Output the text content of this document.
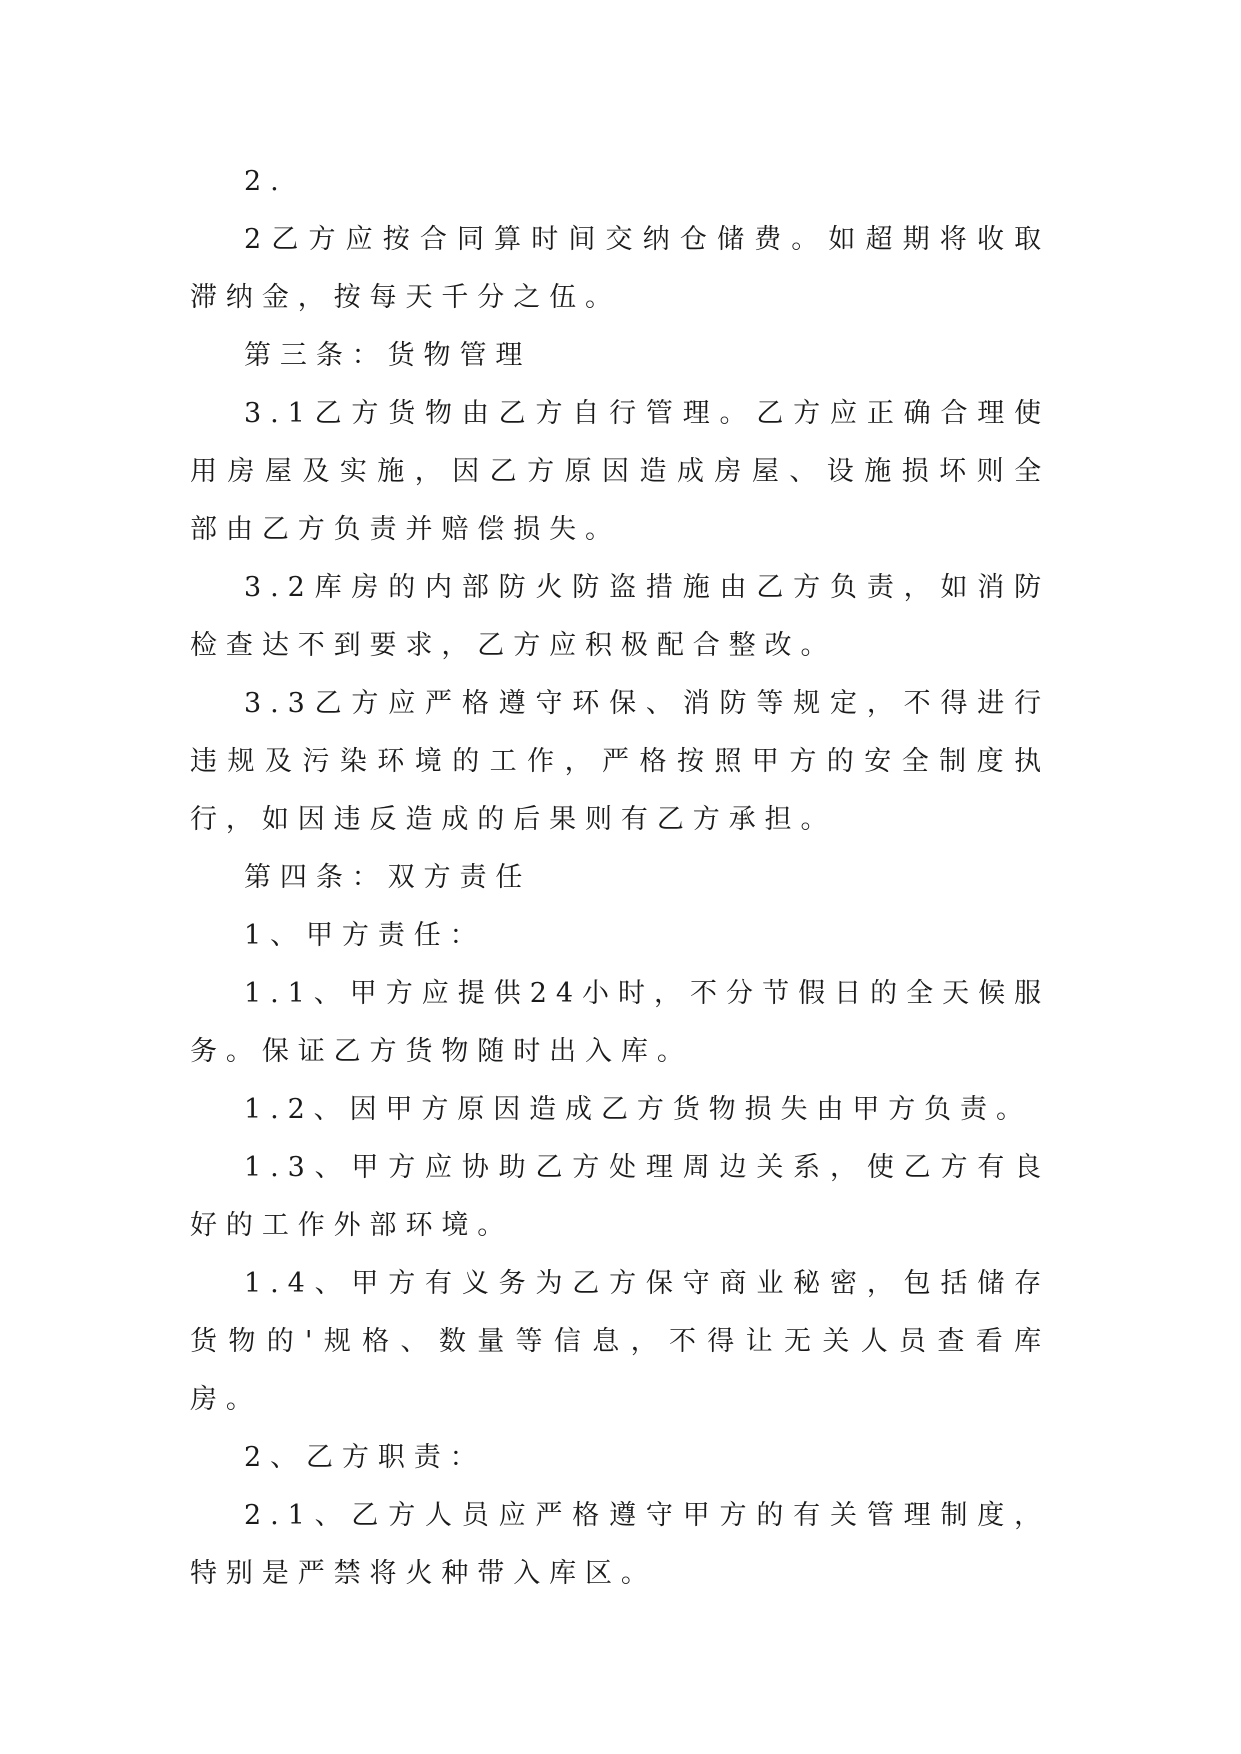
2.

2乙方应按合同算时间交纳仓储费。如超期将收取滞纳金，按每天千分之伍。

第三条：货物管理

3.1乙方货物由乙方自行管理。乙方应正确合理使用房屋及实施，因乙方原因造成房屋、设施损坏则全部由乙方负责并赔偿损失。

3.2库房的内部防火防盗措施由乙方负责，如消防检查达不到要求，乙方应积极配合整改。

3.3乙方应严格遵守环保、消防等规定，不得进行违规及污染环境的工作，严格按照甲方的安全制度执行，如因违反造成的后果则有乙方承担。

第四条：双方责任

1、甲方责任：

1.1、甲方应提供24小时，不分节假日的全天候服务。保证乙方货物随时出入库。

1.2、因甲方原因造成乙方货物损失由甲方负责。

1.3、甲方应协助乙方处理周边关系，使乙方有良好的工作外部环境。

1.4、甲方有义务为乙方保守商业秘密，包括储存货物的'规格、数量等信息，不得让无关人员查看库房。

2、乙方职责：

2.1、乙方人员应严格遵守甲方的有关管理制度，特别是严禁将火种带入库区。
